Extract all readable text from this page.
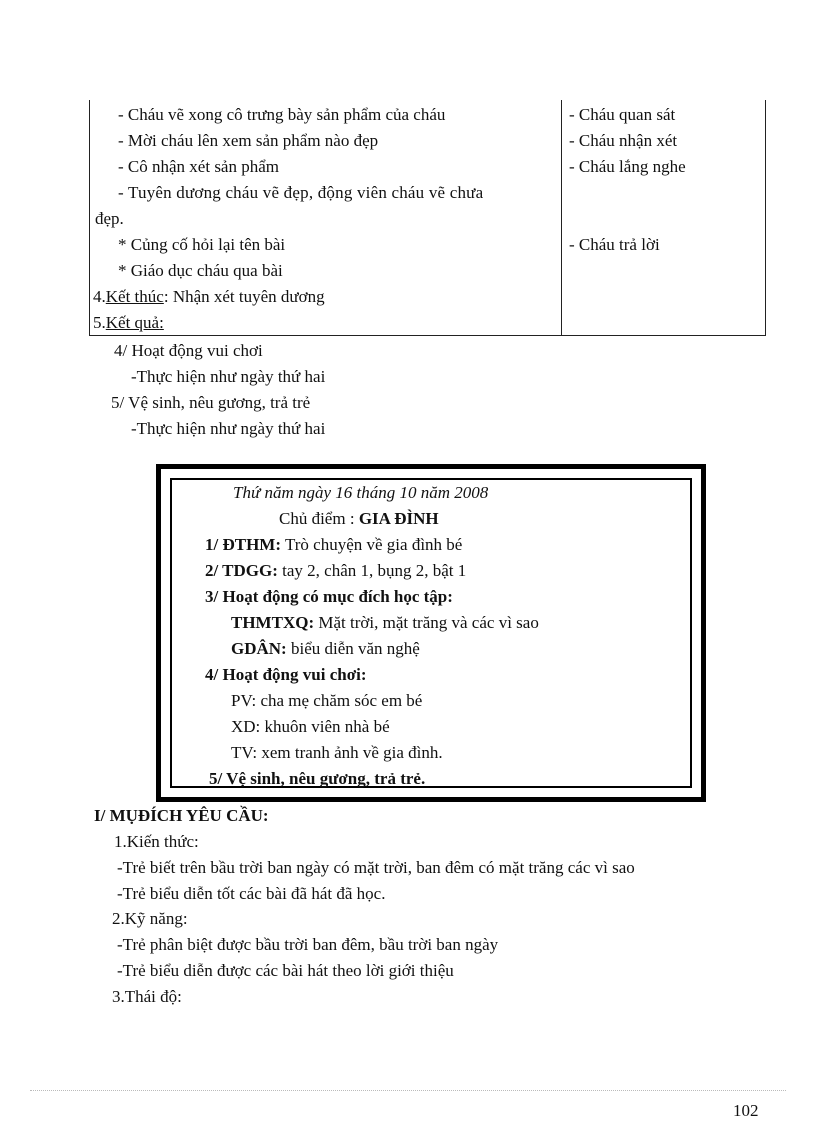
- Cháu vẽ xong cô trưng bày sản phẩm của cháu
- Mời cháu lên xem sản phẩm nào đẹp
- Cô nhận xét sản phẩm
- Tuyên dương cháu vẽ đẹp, động viên cháu vẽ chưa
đẹp.
* Củng cố hỏi lại tên bài
* Giáo dục cháu qua bài
4.Kết thúc: Nhận xét tuyên dương
5.Kết quả:
- Cháu quan sát
- Cháu nhận xét
- Cháu lắng nghe
- Cháu trả lời
4/ Hoạt động vui chơi
-Thực hiện như ngày thứ hai
5/ Vệ sinh, nêu gương, trả trẻ
-Thực hiện như ngày thứ hai
Thứ năm ngày 16 tháng 10 năm 2008
Chủ điểm : GIA ĐÌNH
1/ ĐTHM: Trò chuyện về gia đình bé
2/ TDGG: tay 2, chân 1, bụng 2, bật 1
3/ Hoạt động có mục đích học tập:
THMTXQ: Mặt trời, mặt trăng và các vì sao
GDÂN: biểu diễn văn nghệ
4/ Hoạt động vui chơi:
PV: cha mẹ chăm sóc em bé
XD: khuôn viên nhà bé
TV: xem tranh ảnh về gia đình.
5/ Vệ sinh, nêu gương, trả trẻ.
I/ MỤĐÍCH YÊU CẦU:
1.Kiến thức:
-Trẻ biết trên bầu trời ban ngày có mặt trời, ban đêm có mặt trăng các vì sao
-Trẻ biểu diễn tốt các bài đã hát đã học.
2.Kỹ năng:
-Trẻ phân biệt được bầu trời ban đêm, bầu trời ban ngày
-Trẻ biểu diễn được các bài hát theo lời giới thiệu
3.Thái độ:
102
